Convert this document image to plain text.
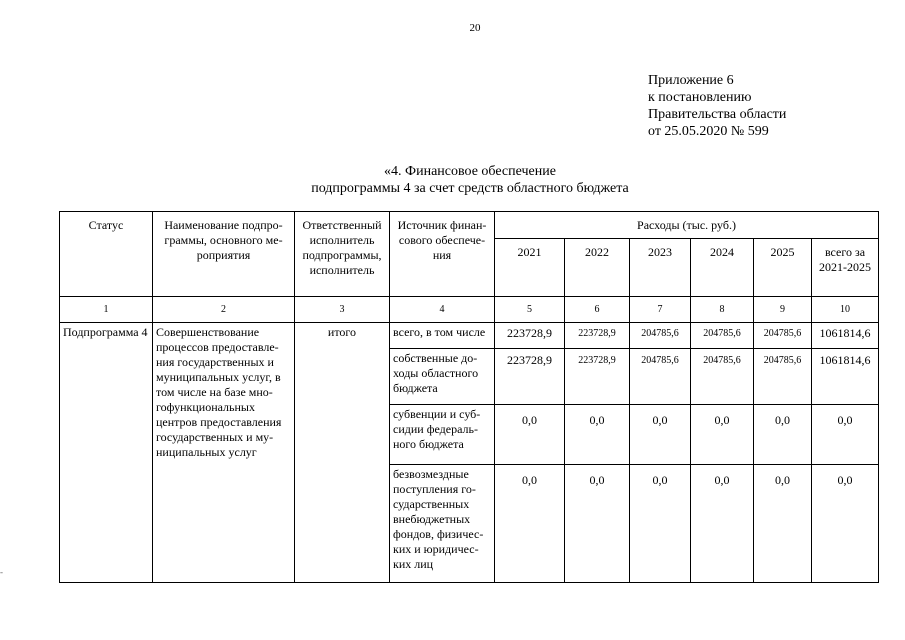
20
Приложение 6
к постановлению
Правительства области
от 25.05.2020 № 599
«4. Финансовое обеспечение
подпрограммы 4 за счет средств областного бюджета
Статус	Наименование подпро-граммы, основного ме-роприятия	Ответственный исполнитель подпрограммы, исполнитель	Источник финан-сового обеспече-ния	Расходы (тыс. руб.)					
				2021	2022	2023	2024	2025	всего за 2021-2025
1	2	3	4	5	6	7	8	9	10
Подпрограмма 4	Совершенствование процессов предоставле-ния государственных и муниципальных услуг, в том числе на базе мно-гофункциональных центров предоставления государственных и му-ниципальных услуг	итого	всего, в том числе	223728,9	223728,9	204785,6	204785,6	204785,6	1061814,6
			собственные до-ходы областного бюджета	223728,9	223728,9	204785,6	204785,6	204785,6	1061814,6
			субвенции и суб-сидии федераль-ного бюджета	0,0	0,0	0,0	0,0	0,0	0,0
			безвозмездные поступления го-сударственных внебюджетных фондов, физичес-ких и юридичес-ких лиц	0,0	0,0	0,0	0,0	0,0	0,0
-
